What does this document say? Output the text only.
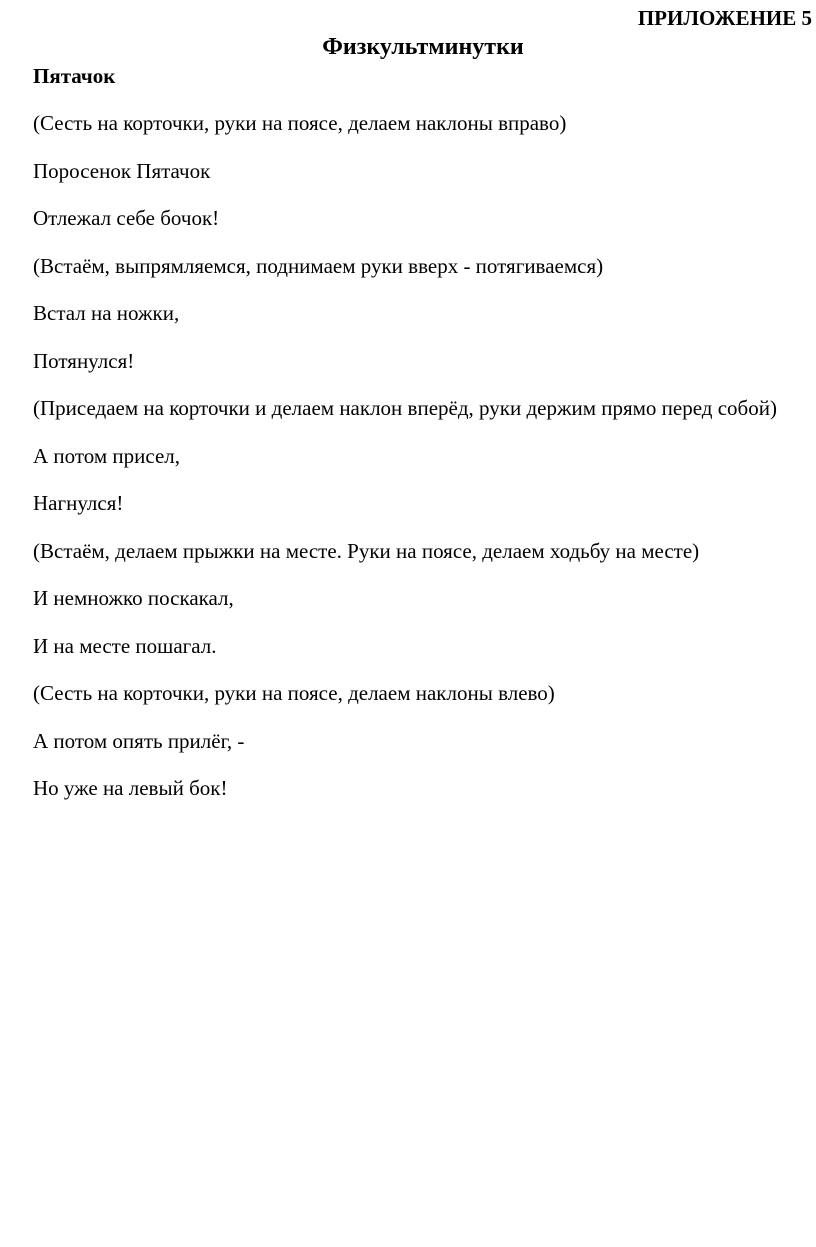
ПРИЛОЖЕНИЕ 5

Физкультминутки
Пятачок

(Сесть на корточки, руки на поясе, делаем наклоны вправо)

Поросенок Пятачок

Отлежал себе бочок!

(Встаём, выпрямляемся, поднимаем руки вверх - потягиваемся)

Встал на ножки,

Потянулся!

(Приседаем на корточки и делаем наклон вперёд, руки держим прямо перед собой)

А потом присел,

Нагнулся!

(Встаём, делаем прыжки на месте. Руки на поясе, делаем ходьбу на месте)

И немножко поскакал,

И на месте пошагал.

(Сесть на корточки, руки на поясе, делаем наклоны влево)

А потом опять прилёг, -

Но уже на левый бок!
